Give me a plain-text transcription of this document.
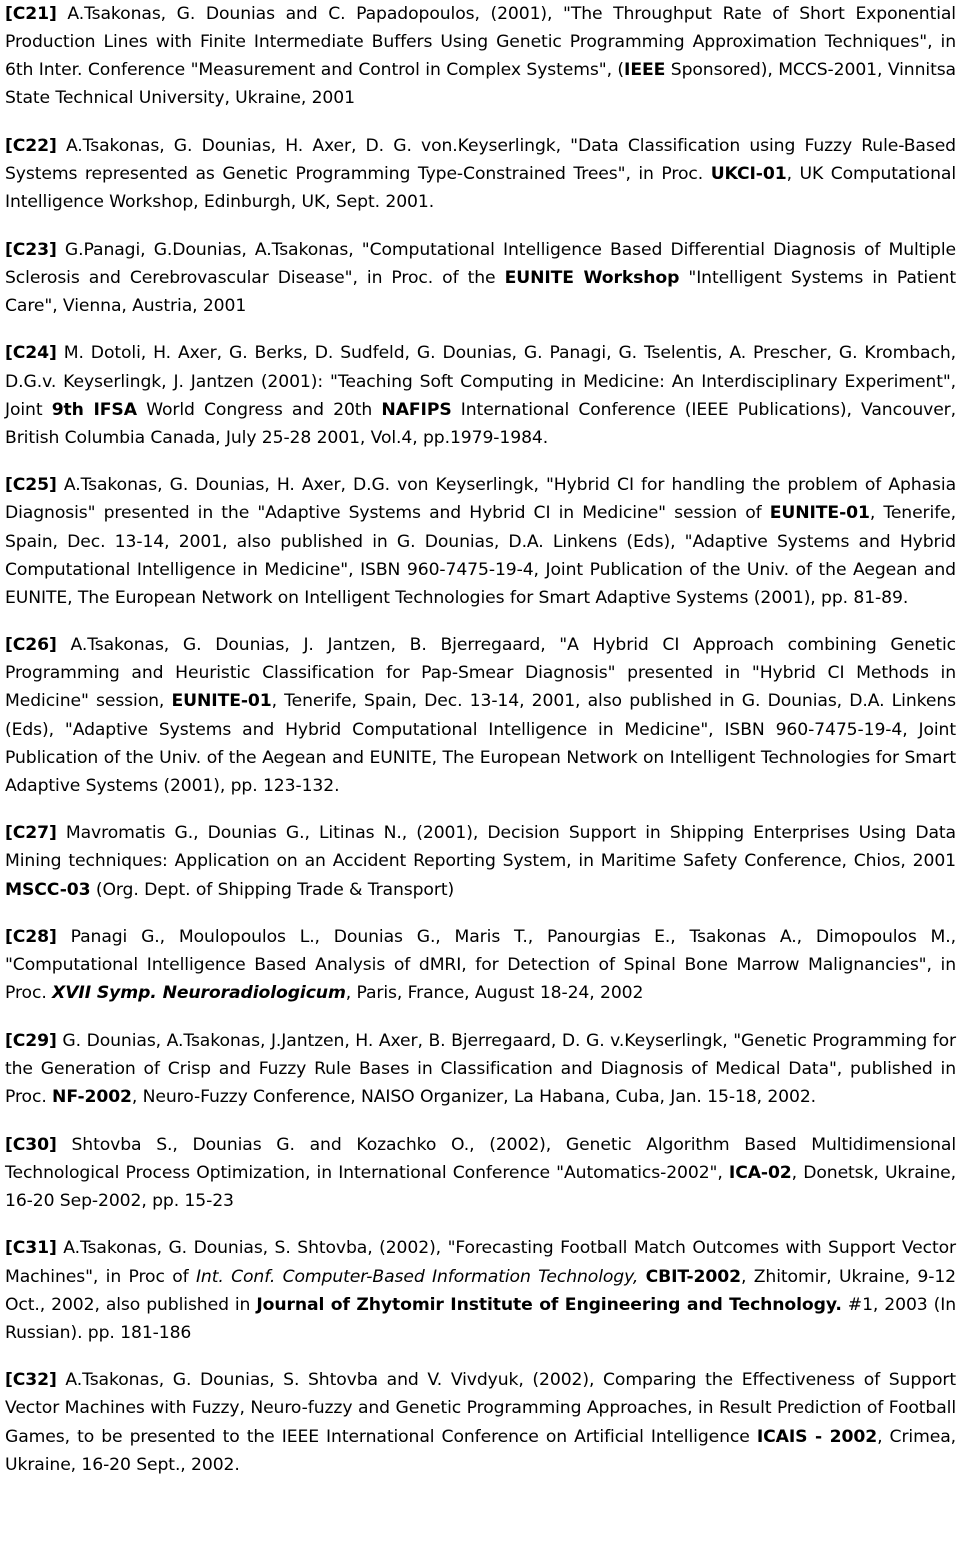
[C21] A.Tsakonas, G. Dounias and C. Papadopoulos, (2001), "The Throughput Rate of Short Exponential Production Lines with Finite Intermediate Buffers Using Genetic Programming Approximation Techniques", in 6th Inter. Conference "Measurement and Control in Complex Systems", (IEEE Sponsored), MCCS-2001, Vinnitsa State Technical University, Ukraine, 2001

[C22] A.Tsakonas, G. Dounias, H. Axer, D. G. von.Keyserlingk, "Data Classification using Fuzzy Rule-Based Systems represented as Genetic Programming Type-Constrained Trees", in Proc. UKCI-01, UK Computational Intelligence Workshop, Edinburgh, UK, Sept. 2001.

[C23] G.Panagi, G.Dounias, A.Tsakonas, "Computational Intelligence Based Differential Diagnosis of Multiple Sclerosis and Cerebrovascular Disease", in Proc. of the EUNITE Workshop "Intelligent Systems in Patient Care", Vienna, Austria, 2001

[C24] M. Dotoli, H. Axer, G. Berks, D. Sudfeld, G. Dounias, G. Panagi, G. Tselentis, A. Prescher, G. Krombach, D.G.v. Keyserlingk, J. Jantzen (2001): "Teaching Soft Computing in Medicine: An Interdisciplinary Experiment", Joint 9th IFSA World Congress and 20th NAFIPS International Conference (IEEE Publications), Vancouver, British Columbia Canada, July 25-28 2001, Vol.4, pp.1979-1984.

[C25] A.Tsakonas, G. Dounias, H. Axer, D.G. von Keyserlingk, "Hybrid CI for handling the problem of Aphasia Diagnosis" presented in the "Adaptive Systems and Hybrid CI in Medicine" session of EUNITE-01, Tenerife, Spain, Dec. 13-14, 2001, also published in G. Dounias, D.A. Linkens (Eds), "Adaptive Systems and Hybrid Computational Intelligence in Medicine", ISBN 960-7475-19-4, Joint Publication of the Univ. of the Aegean and EUNITE, The European Network on Intelligent Technologies for Smart Adaptive Systems (2001), pp. 81-89.

[C26] A.Tsakonas, G. Dounias, J. Jantzen, B. Bjerregaard, "A Hybrid CI Approach combining Genetic Programming and Heuristic Classification for Pap-Smear Diagnosis" presented in "Hybrid CI Methods in Medicine" session, EUNITE-01, Tenerife, Spain, Dec. 13-14, 2001, also published in G. Dounias, D.A. Linkens (Eds), "Adaptive Systems and Hybrid Computational Intelligence in Medicine", ISBN 960-7475-19-4, Joint Publication of the Univ. of the Aegean and EUNITE, The European Network on Intelligent Technologies for Smart Adaptive Systems (2001), pp. 123-132.

[C27] Mavromatis G., Dounias G., Litinas N., (2001), Decision Support in Shipping Enterprises Using Data Mining techniques: Application on an Accident Reporting System, in Maritime Safety Conference, Chios, 2001 MSCC-03 (Org. Dept. of Shipping Trade & Transport)

[C28] Panagi G., Moulopoulos L., Dounias G., Maris T., Panourgias E., Tsakonas A., Dimopoulos M., "Computational Intelligence Based Analysis of dMRI, for Detection of Spinal Bone Marrow Malignancies", in Proc. XVII Symp. Neuroradiologicum, Paris, France, August 18-24, 2002

[C29] G. Dounias, A.Tsakonas, J.Jantzen, H. Axer, B. Bjerregaard, D. G. v.Keyserlingk, "Genetic Programming for the Generation of Crisp and Fuzzy Rule Bases in Classification and Diagnosis of Medical Data", published in Proc. NF-2002, Neuro-Fuzzy Conference, NAISO Organizer, La Habana, Cuba, Jan. 15-18, 2002.

[C30] Shtovba S., Dounias G. and Kozachko O., (2002), Genetic Algorithm Based Multidimensional Technological Process Optimization, in International Conference "Automatics-2002", ICA-02, Donetsk, Ukraine, 16-20 Sep-2002, pp. 15-23

[C31] A.Tsakonas, G. Dounias, S. Shtovba, (2002), "Forecasting Football Match Outcomes with Support Vector Machines", in Proc of Int. Conf. Computer-Based Information Technology, CBIT-2002, Zhitomir, Ukraine, 9-12 Oct., 2002, also published in Journal of Zhytomir Institute of Engineering and Technology. #1, 2003 (In Russian). pp. 181-186

[C32] A.Tsakonas, G. Dounias, S. Shtovba and V. Vivdyuk, (2002), Comparing the Effectiveness of Support Vector Machines with Fuzzy, Neuro-fuzzy and Genetic Programming Approaches, in Result Prediction of Football Games, to be presented to the IEEE International Conference on Artificial Intelligence ICAIS - 2002, Crimea, Ukraine, 16-20 Sept., 2002.
